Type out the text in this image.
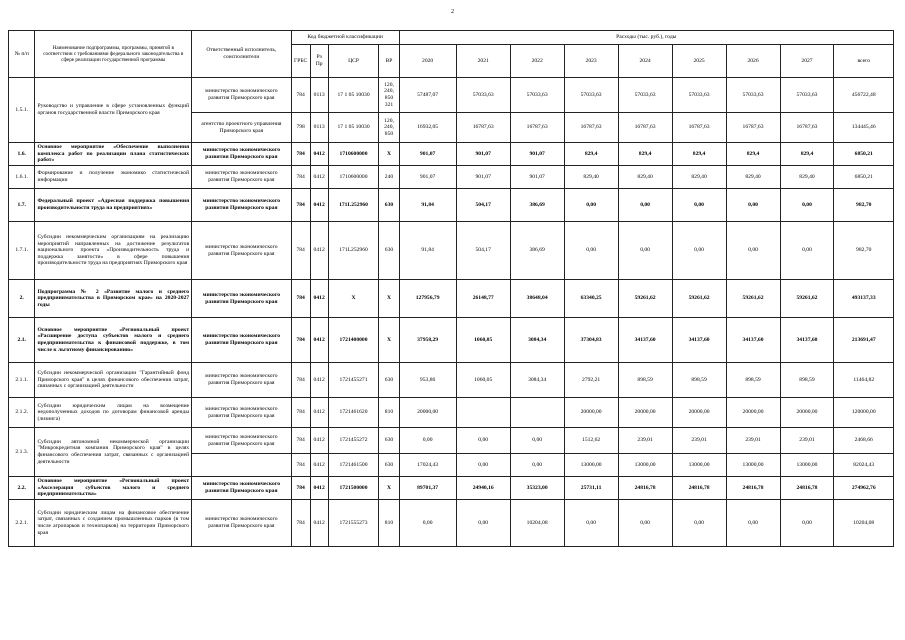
2
№ п/п	Наименование подпрограммы, программы, принятой в соответствии с требованиями федерального законодательства в сфере реализации государственной программы	Ответственный исполнитель, соисполнители	Код бюджетной классификации				Расходы (тыс. руб.), годы								
			ГРБС	Рз Пр	ЦСР	ВР	2020	2021	2022	2023	2024	2025	2026	2027	всего
1.5.1.	Руководство и управление в сфере установленных функций органов государственной власти Приморского края	министерство экономического развития Приморского края	784	0113	17 1 05 10030	120, 240, 850 321	57487,07	57033,63	57033,63	57033,63	57033,63	57033,63	57033,63	57033,63	456722,48
		агентство проектного управления Приморского края	798	0113	17 1 05 10030	120, 240, 850	16932,05	16787,63	16787,63	16787,63	16787,63	16787,63	16787,63	16787,63	134445,46
1.6.	Основное мероприятие «Обеспечение выполнения комплекса работ по реализации плана статистических работ»	министерство экономического развития Приморского края	784	0412	1710600000	Х	901,07	901,07	901,07	829,4	829,4	829,4	829,4	829,4	6850,21
1.6.1.	Формирование и получение экономико статистической информации	министерство экономического развития Приморского края	784	0412	1710600000	240	901,07	901,07	901,07	829,40	829,40	829,40	829,40	829,40	6850,21
1.7.	Федеральный проект «Адресная поддержка повышения производительности труда на предприятиях»	министерство экономического развития Приморского края	784	0412	171L252960	630	91,84	504,17	386,69	0,00	0,00	0,00	0,00	0,00	982,70
1.7.1.	Субсидии некоммерческим организациям на реализацию мероприятий направленных на достижение результатов национального проекта «Производительность труда и поддержка занятости» в сфере повышения производительности труда на предприятиях Приморского края	министерство экономического развития Приморского края	784	0412	171L252960	630	91,84	504,17	386,69	0,00	0,00	0,00	0,00	0,00	982,70
2.	Подпрограмма № 2 «Развитие малого и среднего предпринимательства в Приморском крае» на 2020-2027 годы	министерство экономического развития Приморского края	784	0412	Х	Х	127956,79	26148,77	38648,04	63340,25	59261,62	59261,62	59261,62	59261,62	493137,33
2.1.	Основное мероприятие «Региональный проект «Расширение доступа субъектов малого и среднего предпринимательства к финансовой поддержке, в том числе к льготному финансированию»	министерство экономического развития Приморского края	784	0412	1721400000	Х	37958,29	1060,05	3084,34	37304,83	34137,60	34137,60	34137,60	34137,60	213691,47
2.1.1.	Субсидии некоммерческой организации "Гарантийный фонд Приморского края" в целях финансового обеспечения затрат, связанных с организацией деятельности	министерство экономического развития Приморского края	784	0412	1721455271	630	953,86	1060,05	3084,34	2792,21	898,59	898,59	898,59	898,59	11464,82
2.1.2.	Субсидии юридическим лицам на возмещение недополученных доходов по договорам финансовой аренды (лизинга)	министерство экономического развития Приморского края	784	0412	1721461620	810	20000,00			20000,00	20000,00	20000,00	20000,00	20000,00	120000,00
2.1.3.	Субсидии автономной некоммерческой организации "Микрокредитная компания Приморского края" в целях финансового обеспечения затрат, связанных с организацией деятельности	министерство экономического развития Приморского края	784	0412	1721455272	630	0,00	0,00	0,00	1512,62	239,01	239,01	239,01	239,01	2468,66
			784	0412	1721461500	630	17024,43	0,00	0,00	13000,00	13000,00	13000,00	13000,00	13000,00	82024,43
2.2.	Основное мероприятие «Региональный проект «Акселерация субъектов малого и среднего предпринимательства»	министерство экономического развития Приморского края	784	0412	1721500000	Х	89701,37	24940,16	35323,00	25731,11	24816,78	24816,78	24816,78	24816,78	274962,76
2.2.1.	Субсидии юридическим лицам на финансовое обеспечение затрат, связанных с созданием промышленных парков (в том числе агропарков и технопарков) на территории Приморского края	министерство экономического развития Приморского края	784	0412	1721555273	810	0,00	0,00	10204,08	0,00	0,00	0,00	0,00	0,00	10204,08
